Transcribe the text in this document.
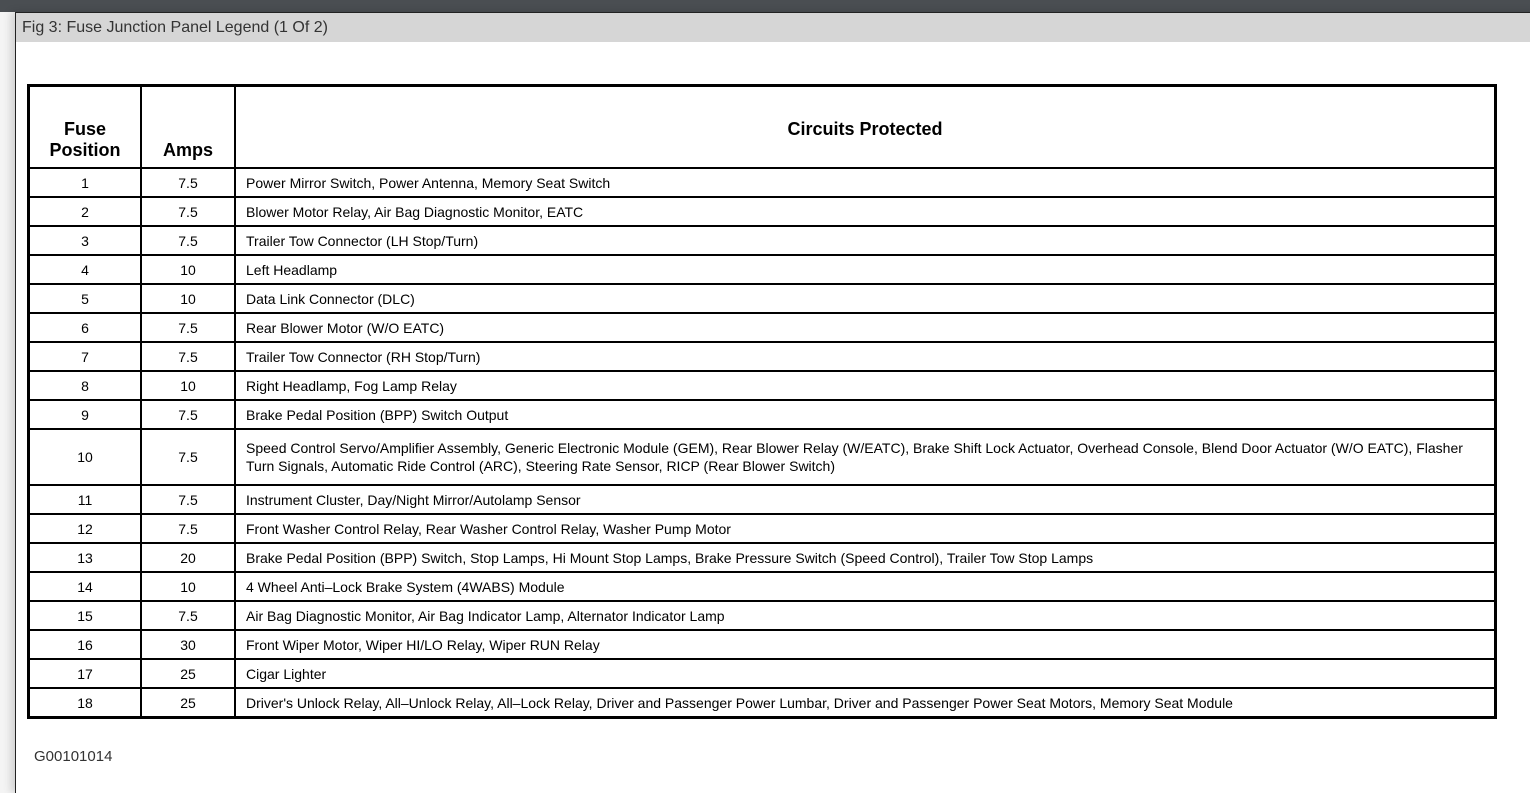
Fig 3: Fuse Junction Panel Legend (1 Of 2)
Fuse Position	Amps	Circuits Protected
1	7.5	Power Mirror Switch, Power Antenna, Memory Seat Switch
2	7.5	Blower Motor Relay, Air Bag Diagnostic Monitor, EATC
3	7.5	Trailer Tow Connector (LH Stop/Turn)
4	10	Left Headlamp
5	10	Data Link Connector (DLC)
6	7.5	Rear Blower Motor (W/O EATC)
7	7.5	Trailer Tow Connector (RH Stop/Turn)
8	10	Right Headlamp, Fog Lamp Relay
9	7.5	Brake Pedal Position (BPP) Switch Output
10	7.5	Speed Control Servo/Amplifier Assembly, Generic Electronic Module (GEM), Rear Blower Relay (W/EATC), Brake Shift Lock Actuator, Overhead Console, Blend Door Actuator (W/O EATC), Flasher Turn Signals, Automatic Ride Control (ARC), Steering Rate Sensor, RICP (Rear Blower Switch)
11	7.5	Instrument Cluster, Day/Night Mirror/Autolamp Sensor
12	7.5	Front Washer Control Relay, Rear Washer Control Relay, Washer Pump Motor
13	20	Brake Pedal Position (BPP) Switch, Stop Lamps, Hi Mount Stop Lamps, Brake Pressure Switch (Speed Control), Trailer Tow Stop Lamps
14	10	4 Wheel Anti–Lock Brake System (4WABS) Module
15	7.5	Air Bag Diagnostic Monitor, Air Bag Indicator Lamp, Alternator Indicator Lamp
16	30	Front Wiper Motor, Wiper HI/LO Relay, Wiper RUN Relay
17	25	Cigar Lighter
18	25	Driver's Unlock Relay, All–Unlock Relay, All–Lock Relay, Driver and Passenger Power Lumbar, Driver and Passenger Power Seat Motors, Memory Seat Module
G00101014
